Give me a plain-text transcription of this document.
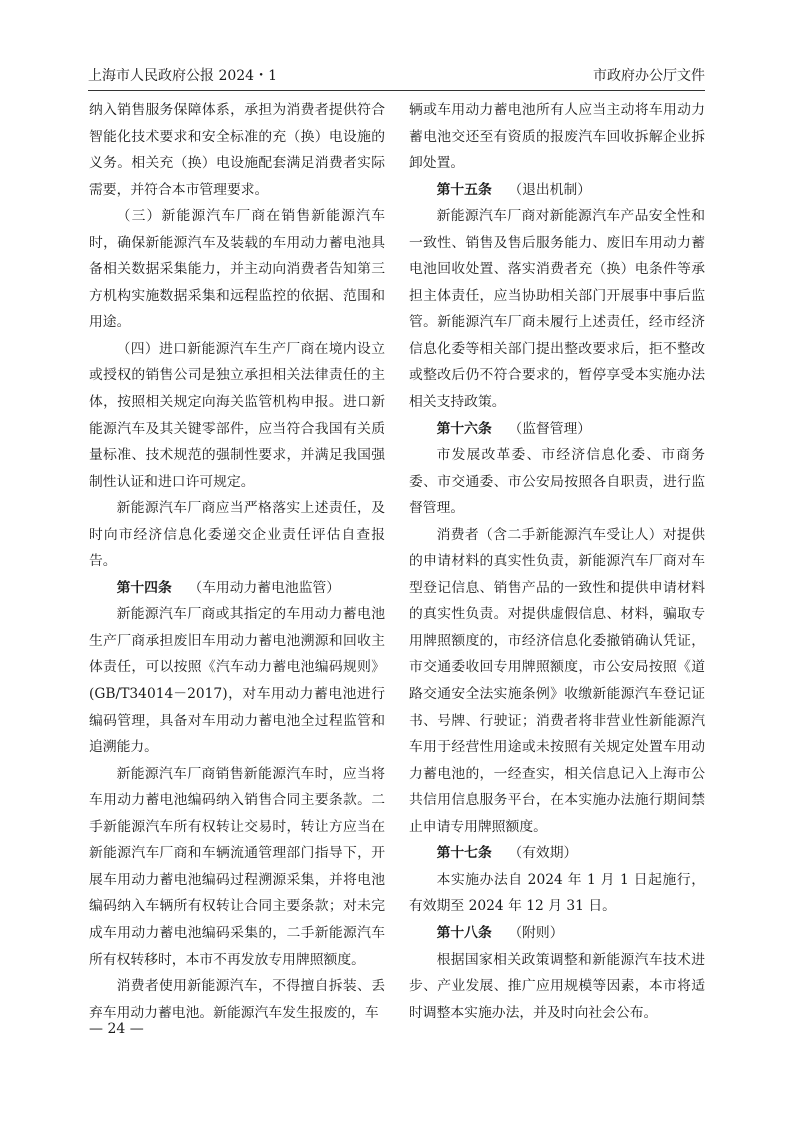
上海市人民政府公报 2024・1	市政府办公厅文件

纳入销售服务保障体系，承担为消费者提供符合智能化技术要求和安全标准的充（换）电设施的义务。相关充（换）电设施配套满足消费者实际需要，并符合本市管理要求。

（三）新能源汽车厂商在销售新能源汽车时，确保新能源汽车及装载的车用动力蓄电池具备相关数据采集能力，并主动向消费者告知第三方机构实施数据采集和远程监控的依据、范围和用途。

（四）进口新能源汽车生产厂商在境内设立或授权的销售公司是独立承担相关法律责任的主体，按照相关规定向海关监管机构申报。进口新能源汽车及其关键零部件，应当符合我国有关质量标准、技术规范的强制性要求，并满足我国强制性认证和进口许可规定。

新能源汽车厂商应当严格落实上述责任，及时向市经济信息化委递交企业责任评估自查报告。

第十四条 （车用动力蓄电池监管）

新能源汽车厂商或其指定的车用动力蓄电池生产厂商承担废旧车用动力蓄电池溯源和回收主体责任，可以按照《汽车动力蓄电池编码规则》(GB/T34014－2017)，对车用动力蓄电池进行编码管理，具备对车用动力蓄电池全过程监管和追溯能力。

新能源汽车厂商销售新能源汽车时，应当将车用动力蓄电池编码纳入销售合同主要条款。二手新能源汽车所有权转让交易时，转让方应当在新能源汽车厂商和车辆流通管理部门指导下，开展车用动力蓄电池编码过程溯源采集，并将电池编码纳入车辆所有权转让合同主要条款；对未完成车用动力蓄电池编码采集的，二手新能源汽车所有权转移时，本市不再发放专用牌照额度。

消费者使用新能源汽车，不得擅自拆装、丢弃车用动力蓄电池。新能源汽车发生报废的，车

辆或车用动力蓄电池所有人应当主动将车用动力蓄电池交还至有资质的报废汽车回收拆解企业拆卸处置。

第十五条 （退出机制）

新能源汽车厂商对新能源汽车产品安全性和一致性、销售及售后服务能力、废旧车用动力蓄电池回收处置、落实消费者充（换）电条件等承担主体责任，应当协助相关部门开展事中事后监管。新能源汽车厂商未履行上述责任，经市经济信息化委等相关部门提出整改要求后，拒不整改或整改后仍不符合要求的，暂停享受本实施办法相关支持政策。

第十六条 （监督管理）

市发展改革委、市经济信息化委、市商务委、市交通委、市公安局按照各自职责，进行监督管理。

消费者（含二手新能源汽车受让人）对提供的申请材料的真实性负责，新能源汽车厂商对车型登记信息、销售产品的一致性和提供申请材料的真实性负责。对提供虚假信息、材料，骗取专用牌照额度的，市经济信息化委撤销确认凭证，市交通委收回专用牌照额度，市公安局按照《道路交通安全法实施条例》收缴新能源汽车登记证书、号牌、行驶证；消费者将非营业性新能源汽车用于经营性用途或未按照有关规定处置车用动力蓄电池的，一经查实，相关信息记入上海市公共信用信息服务平台，在本实施办法施行期间禁止申请专用牌照额度。

第十七条 （有效期）

本实施办法自 2024 年 1 月 1 日起施行，有效期至 2024 年 12 月 31 日。

第十八条 （附则）

根据国家相关政策调整和新能源汽车技术进步、产业发展、推广应用规模等因素，本市将适时调整本实施办法，并及时向社会公布。

— 24 —
